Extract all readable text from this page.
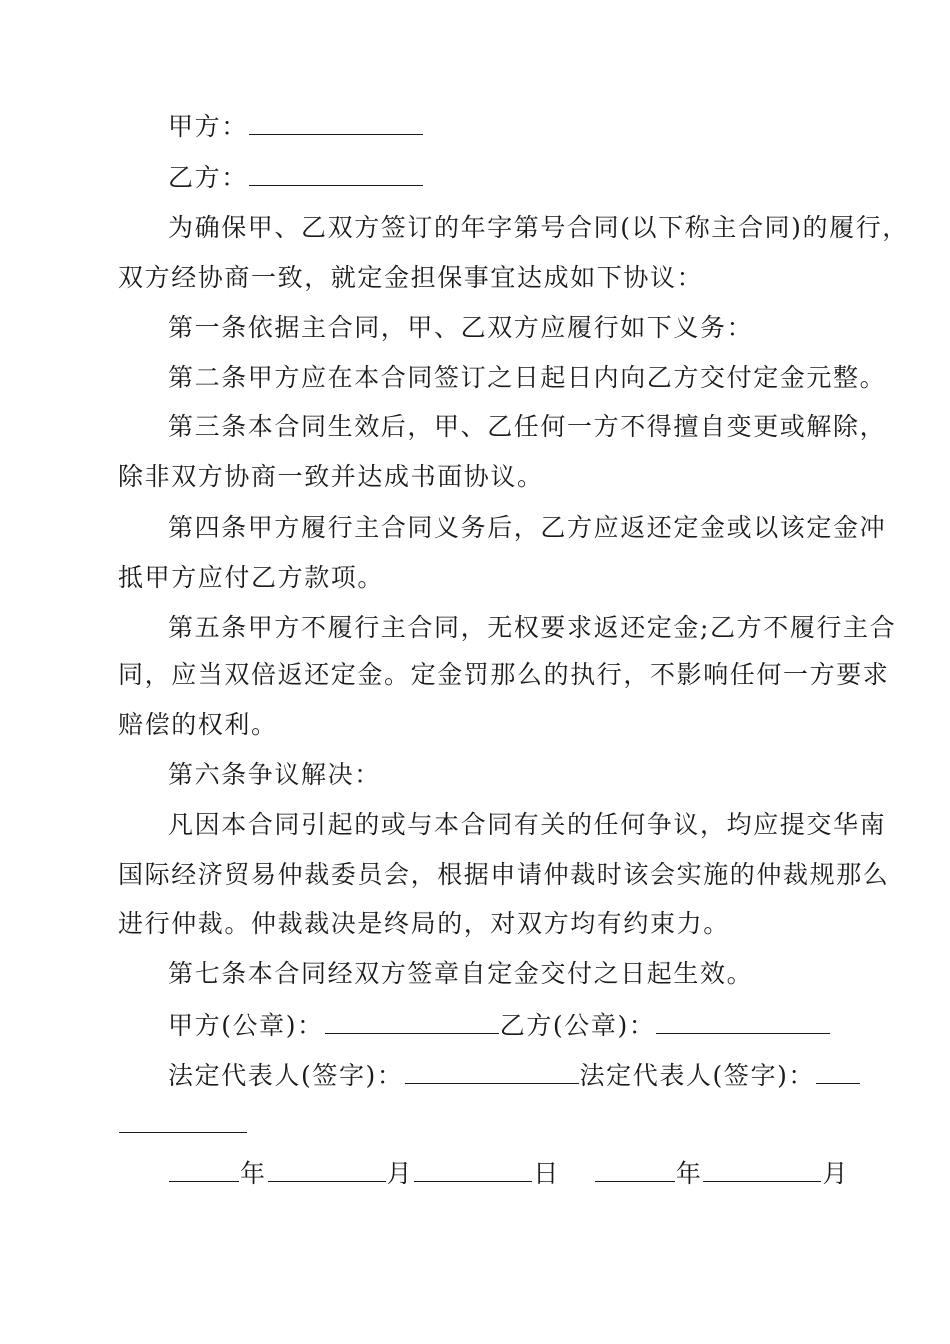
甲方：
乙方：
为确保甲、乙双方签订的年字第号合同(以下称主合同)的履行，
双方经协商一致，就定金担保事宜达成如下协议：
第一条依据主合同，甲、乙双方应履行如下义务：
第二条甲方应在本合同签订之日起日内向乙方交付定金元整。
第三条本合同生效后，甲、乙任何一方不得擅自变更或解除，
除非双方协商一致并达成书面协议。
第四条甲方履行主合同义务后，乙方应返还定金或以该定金冲
抵甲方应付乙方款项。
第五条甲方不履行主合同，无权要求返还定金;乙方不履行主合
同，应当双倍返还定金。定金罚那么的执行，不影响任何一方要求
赔偿的权利。
第六条争议解决：
凡因本合同引起的或与本合同有关的任何争议，均应提交华南
国际经济贸易仲裁委员会，根据申请仲裁时该会实施的仲裁规那么
进行仲裁。仲裁裁决是终局的，对双方均有约束力。
第七条本合同经双方签章自定金交付之日起生效。
甲方(公章)：	乙方(公章)：
法定代表人(签字)：	法定代表人(签字)：
年	月	日	年	月
